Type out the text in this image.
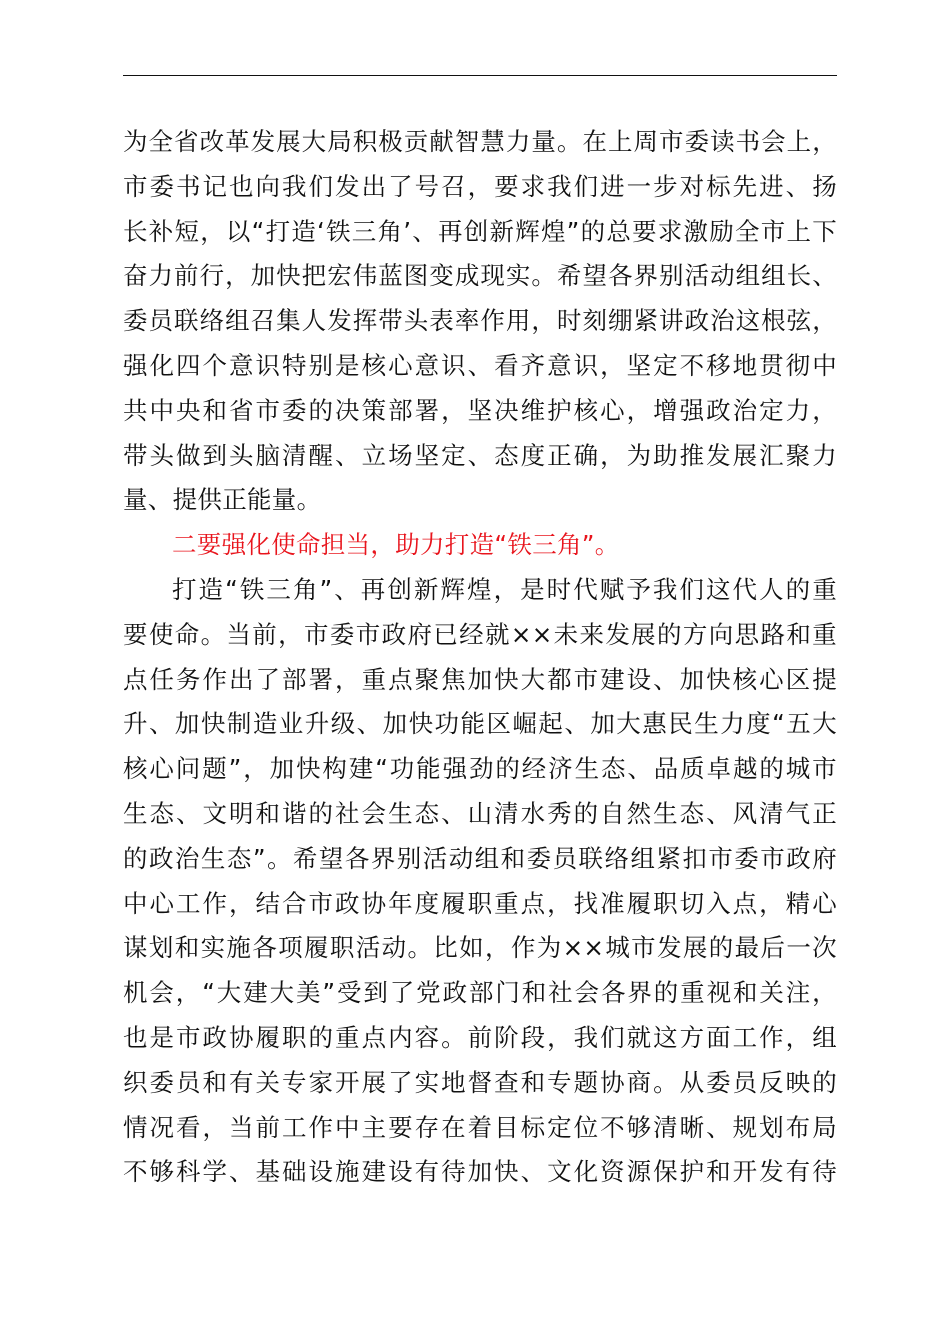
为全省改革发展大局积极贡献智慧力量。在上周市委读书会上，
市委书记也向我们发出了号召，要求我们进一步对标先进、扬
长补短，以“打造‘铁三角’、再创新辉煌”的总要求激励全市上下
奋力前行，加快把宏伟蓝图变成现实。希望各界别活动组组长、
委员联络组召集人发挥带头表率作用，时刻绷紧讲政治这根弦，
强化四个意识特别是核心意识、看齐意识，坚定不移地贯彻中
共中央和省市委的决策部署，坚决维护核心，增强政治定力，
带头做到头脑清醒、立场坚定、态度正确，为助推发展汇聚力
量、提供正能量。
二要强化使命担当，助力打造“铁三角”。
打造“铁三角”、再创新辉煌，是时代赋予我们这代人的重
要使命。当前，市委市政府已经就××未来发展的方向思路和重
点任务作出了部署，重点聚焦加快大都市建设、加快核心区提
升、加快制造业升级、加快功能区崛起、加大惠民生力度“五大
核心问题”，加快构建“功能强劲的经济生态、品质卓越的城市
生态、文明和谐的社会生态、山清水秀的自然生态、风清气正
的政治生态”。希望各界别活动组和委员联络组紧扣市委市政府
中心工作，结合市政协年度履职重点，找准履职切入点，精心
谋划和实施各项履职活动。比如，作为××城市发展的最后一次
机会，“大建大美”受到了党政部门和社会各界的重视和关注，
也是市政协履职的重点内容。前阶段，我们就这方面工作，组
织委员和有关专家开展了实地督查和专题协商。从委员反映的
情况看，当前工作中主要存在着目标定位不够清晰、规划布局
不够科学、基础设施建设有待加快、文化资源保护和开发有待
